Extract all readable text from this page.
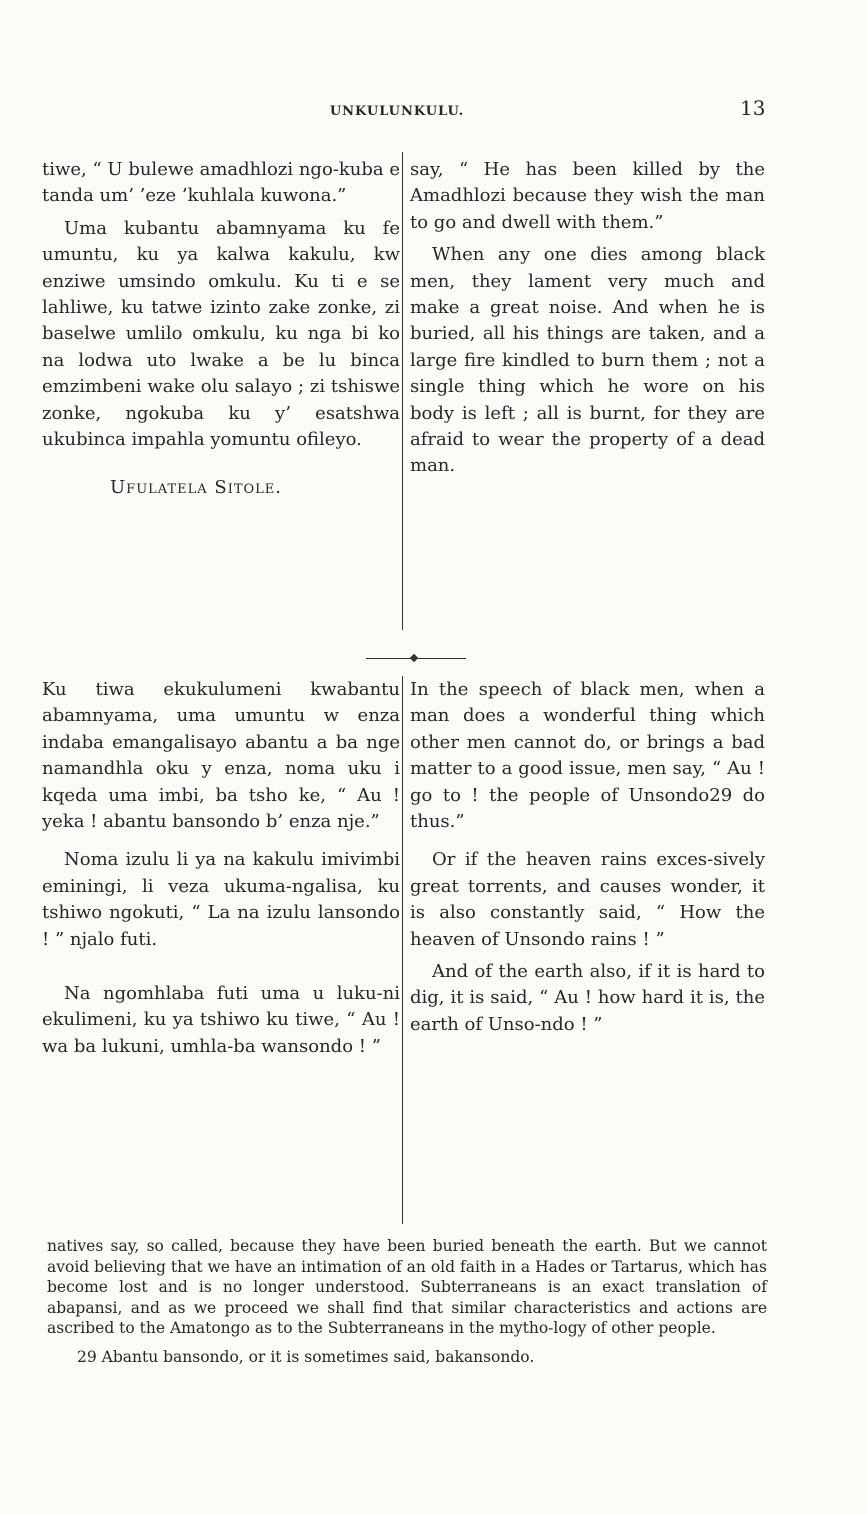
UNKULUNKULU.	13

tiwe, “ U bulewe amadhlozi ngo-kuba e tanda um’ ’eze ’kuhlala kuwona.”

Uma kubantu abamnyama ku fe umuntu, ku ya kalwa kakulu, kw enziwe umsindo omkulu. Ku ti e se lahliwe, ku tatwe izinto zake zonke, zi baselwe umlilo omkulu, ku nga bi ko na lodwa uto lwake a be lu binca emzimbeni wake olu salayo ; zi tshiswe zonke, ngokuba ku y’ esatshwa ukubinca impahla yomuntu ofileyo.

Ufulatela Sitole.

say, “ He has been killed by the Amadhlozi because they wish the man to go and dwell with them.”

When any one dies among black men, they lament very much and make a great noise. And when he is buried, all his things are taken, and a large fire kindled to burn them ; not a single thing which he wore on his body is left ; all is burnt, for they are afraid to wear the property of a dead man.

Ku tiwa ekukulumeni kwabantu abamnyama, uma umuntu w enza indaba emangalisayo abantu a ba nge namandhla oku y enza, noma uku i kqeda uma imbi, ba tsho ke, “ Au ! yeka ! abantu bansondo b’ enza nje.”

Noma izulu li ya na kakulu imivimbi eminingi, li veza ukuma-ngalisa, ku tshiwo ngokuti, “ La na izulu lansondo ! ” njalo futi.

Na ngomhlaba futi uma u luku-ni ekulimeni, ku ya tshiwo ku tiwe, “ Au ! wa ba lukuni, umhla-ba wansondo ! ”

In the speech of black men, when a man does a wonderful thing which other men cannot do, or brings a bad matter to a good issue, men say, “ Au ! go to ! the people of Unsondo29 do thus.”

Or if the heaven rains exces-sively great torrents, and causes wonder, it is also constantly said, “ How the heaven of Unsondo rains ! ”

And of the earth also, if it is hard to dig, it is said, “ Au ! how hard it is, the earth of Unso-ndo ! ”

natives say, so called, because they have been buried beneath the earth. But we cannot avoid believing that we have an intimation of an old faith in a Hades or Tartarus, which has become lost and is no longer understood. Subterraneans is an exact translation of abapansi, and as we proceed we shall find that similar characteristics and actions are ascribed to the Amatongo as to the Subterraneans in the mytho-logy of other people.

29 Abantu bansondo, or it is sometimes said, bakansondo.
